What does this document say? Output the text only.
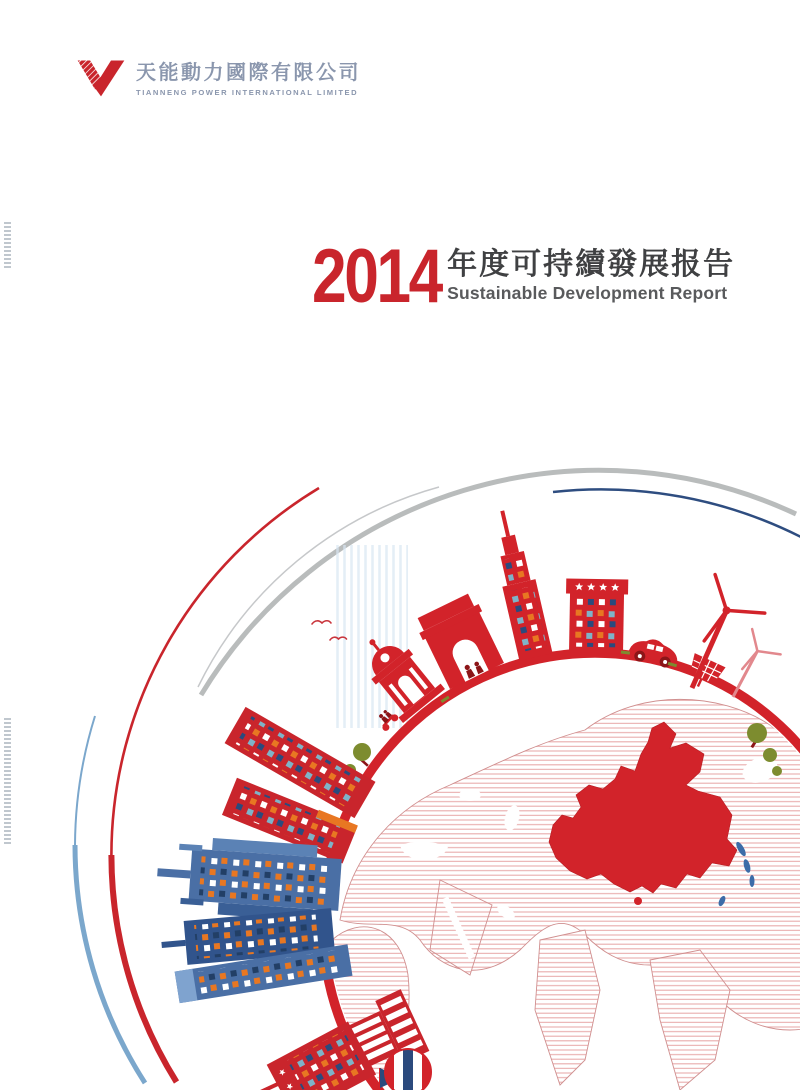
天能動力國際有限公司
TIANNENG POWER INTERNATIONAL LIMITED
2014 年度可持續發展报告
Sustainable Development Report
